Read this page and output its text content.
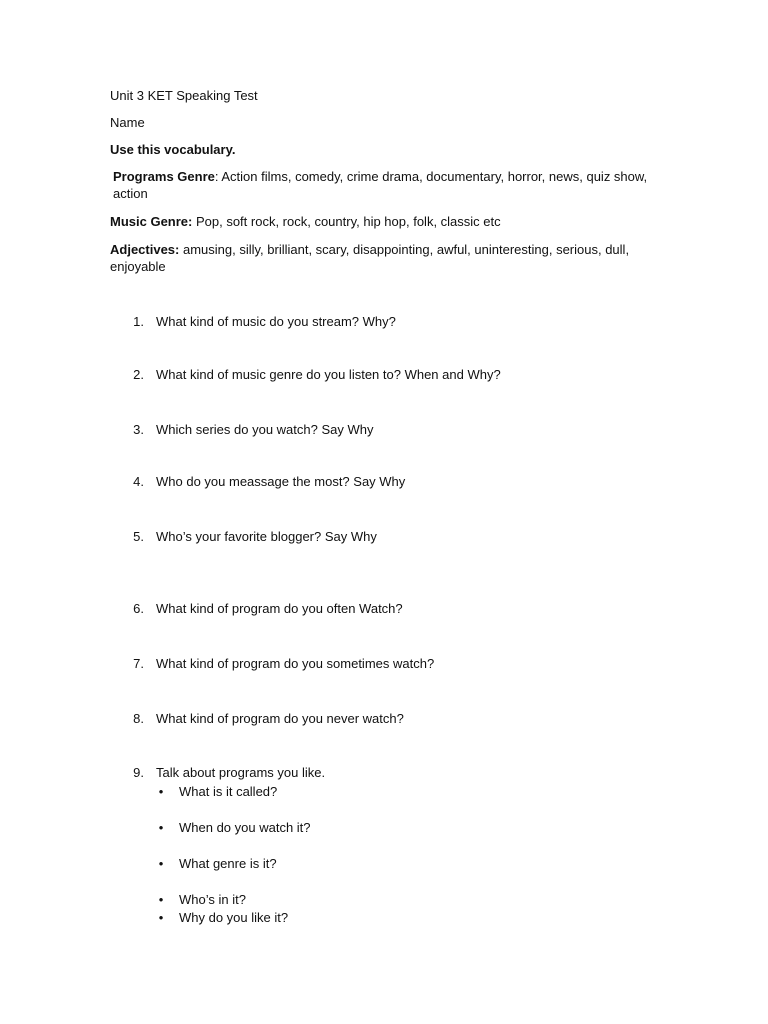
Unit 3 KET Speaking Test

Name

Use this vocabulary.

Programs Genre: Action films, comedy, crime drama, documentary, horror, news, quiz show, action

Music Genre: Pop, soft rock, rock, country, hip hop, folk, classic etc

Adjectives: amusing, silly, brilliant, scary, disappointing, awful, uninteresting, serious, dull, enjoyable

1. What kind of music do you stream? Why?
2. What kind of music genre do you listen to? When and Why?
3. Which series do you watch? Say Why
4. Who do you meassage the most? Say Why
5. Who’s your favorite blogger? Say Why
6. What kind of program do you often Watch?
7. What kind of program do you sometimes watch?
8. What kind of program do you never watch?
9. Talk about programs you like.
• What is it called?
• When do you watch it?
• What genre is it?
• Who’s in it?
• Why do you like it?
